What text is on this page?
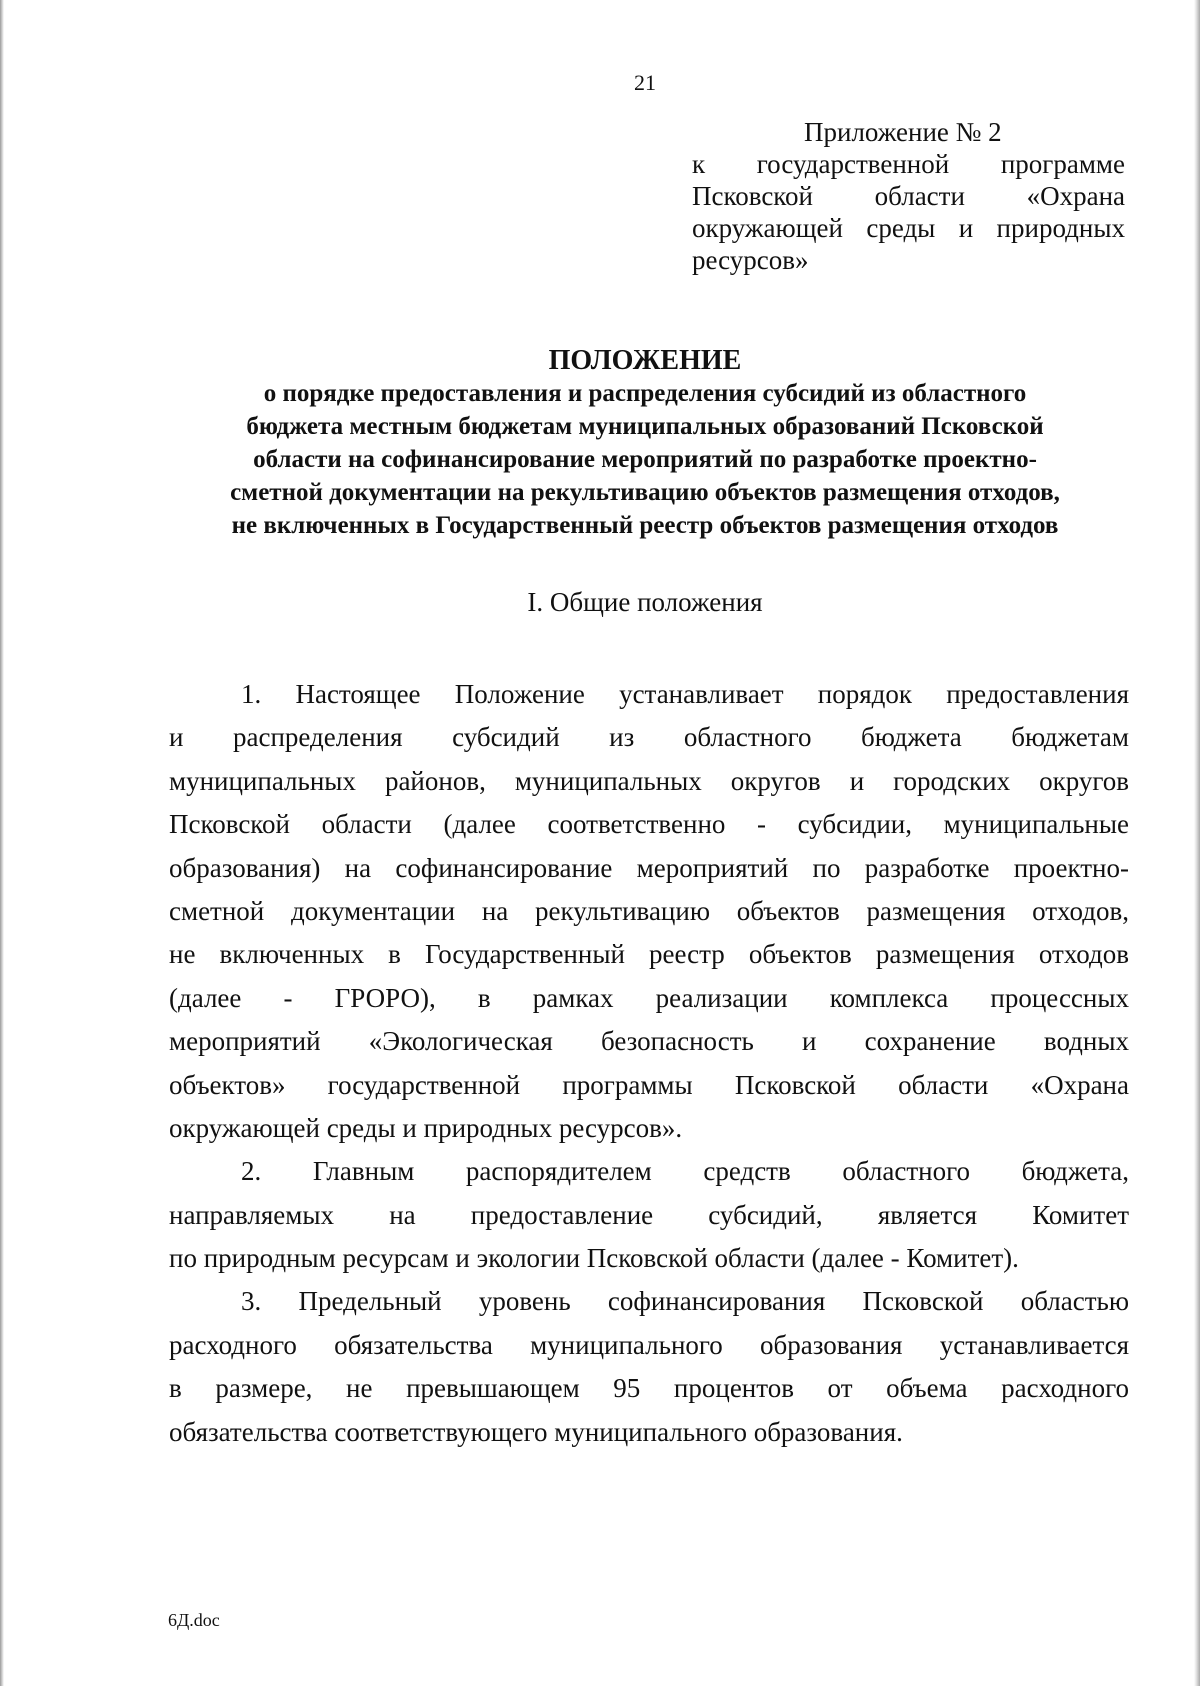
21
Приложение № 2
к государственной программе
Псковской области «Охрана
окружающей среды и природных
ресурсов»
ПОЛОЖЕНИЕ
о порядке предоставления и распределения субсидий из областного
бюджета местным бюджетам муниципальных образований Псковской
области на софинансирование мероприятий по разработке проектно-
сметной документации на рекультивацию объектов размещения отходов,
не включенных в Государственный реестр объектов размещения отходов
I. Общие положения
1. Настоящее Положение устанавливает порядок предоставления
и распределения субсидий из областного бюджета бюджетам
муниципальных районов, муниципальных округов и городских округов
Псковской области (далее соответственно - субсидии, муниципальные
образования) на софинансирование мероприятий по разработке проектно-
сметной документации на рекультивацию объектов размещения отходов,
не включенных в Государственный реестр объектов размещения отходов
(далее - ГРОРО), в рамках реализации комплекса процессных
мероприятий «Экологическая безопасность и сохранение водных
объектов» государственной программы Псковской области «Охрана
окружающей среды и природных ресурсов».
2. Главным распорядителем средств областного бюджета,
направляемых на предоставление субсидий, является Комитет
по природным ресурсам и экологии Псковской области (далее - Комитет).
3. Предельный уровень софинансирования Псковской областью
расходного обязательства муниципального образования устанавливается
в размере, не превышающем 95 процентов от объема расходного
обязательства соответствующего муниципального образования.
6Д.doc
